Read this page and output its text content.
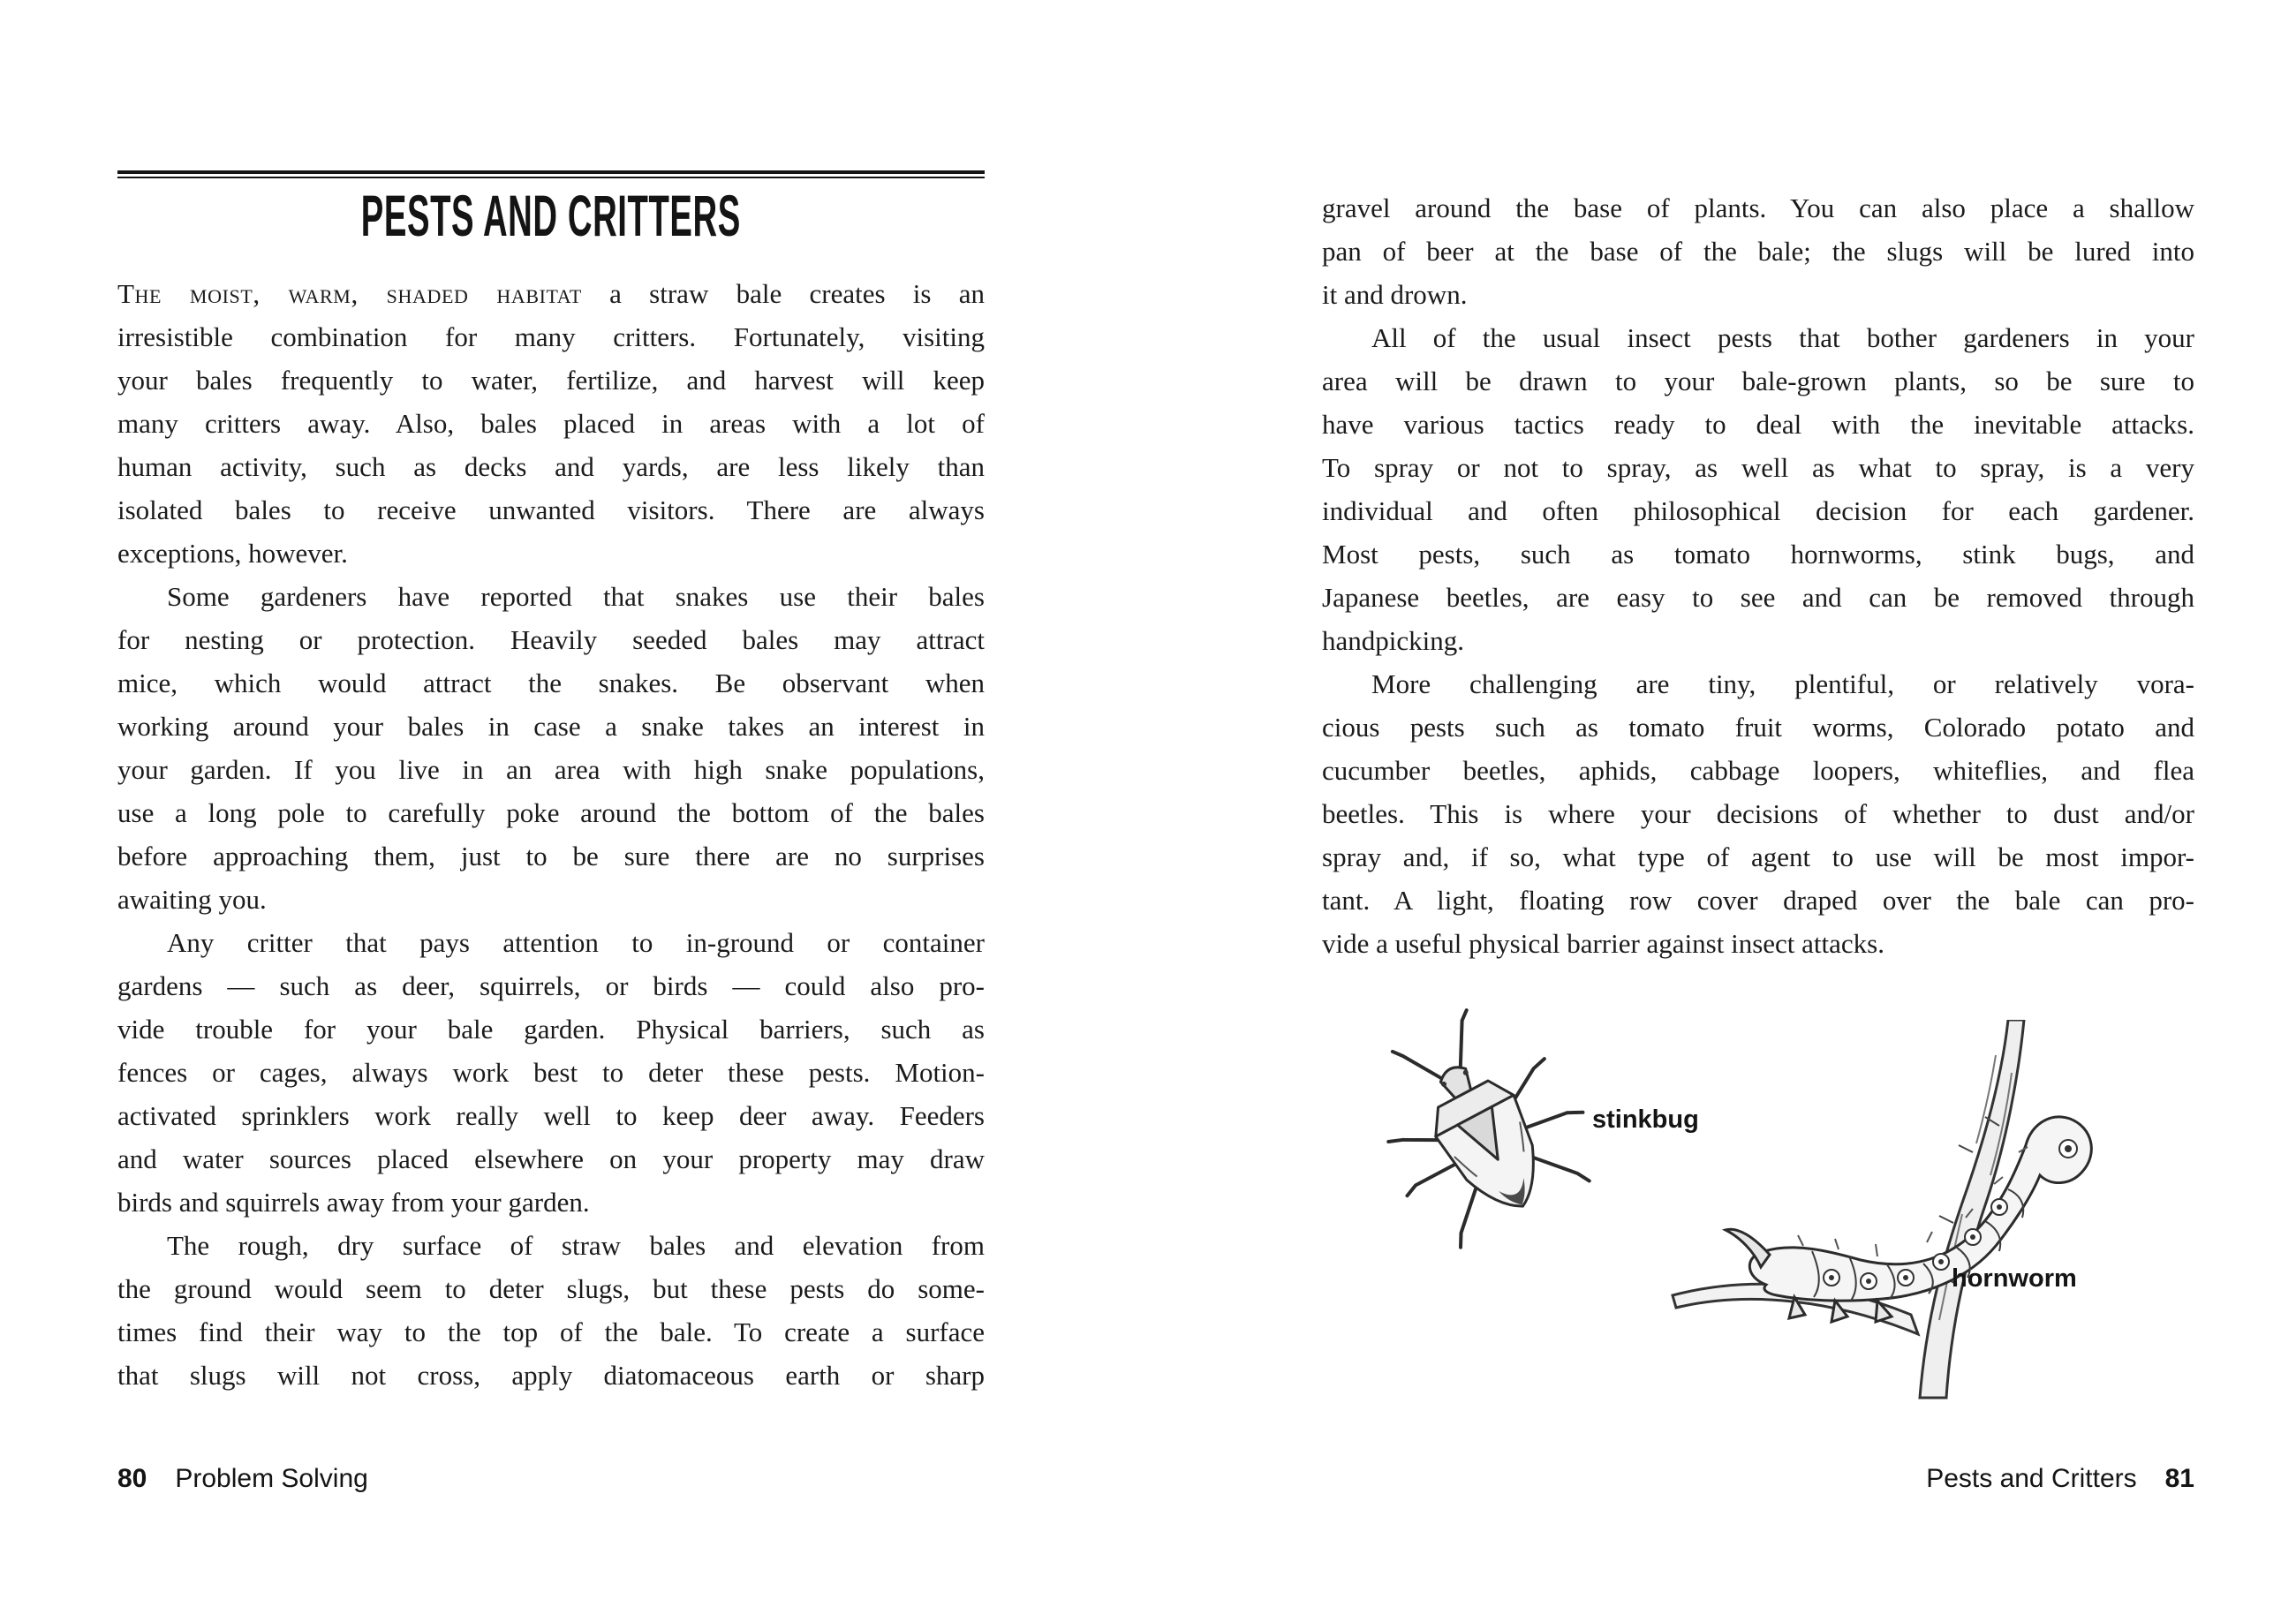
PESTS AND CRITTERS
The moist, warm, shaded habitat a straw bale creates is an
irresistible combination for many critters. Fortunately, visiting
your bales frequently to water, fertilize, and harvest will keep
many critters away. Also, bales placed in areas with a lot of
human activity, such as decks and yards, are less likely than
isolated bales to receive unwanted visitors. There are always
exceptions, however.
Some gardeners have reported that snakes use their bales
for nesting or protection. Heavily seeded bales may attract
mice, which would attract the snakes. Be observant when
working around your bales in case a snake takes an interest in
your garden. If you live in an area with high snake populations,
use a long pole to carefully poke around the bottom of the bales
before approaching them, just to be sure there are no surprises
awaiting you.
Any critter that pays attention to in-ground or container
gardens — such as deer, squirrels, or birds — could also pro-
vide trouble for your bale garden. Physical barriers, such as
fences or cages, always work best to deter these pests. Motion-
activated sprinklers work really well to keep deer away. Feeders
and water sources placed elsewhere on your property may draw
birds and squirrels away from your garden.
The rough, dry surface of straw bales and elevation from
the ground would seem to deter slugs, but these pests do some-
times find their way to the top of the bale. To create a surface
that slugs will not cross, apply diatomaceous earth or sharp
80 Problem Solving
gravel around the base of plants. You can also place a shallow
pan of beer at the base of the bale; the slugs will be lured into
it and drown.
All of the usual insect pests that bother gardeners in your
area will be drawn to your bale-grown plants, so be sure to
have various tactics ready to deal with the inevitable attacks.
To spray or not to spray, as well as what to spray, is a very
individual and often philosophical decision for each gardener.
Most pests, such as tomato hornworms, stink bugs, and
Japanese beetles, are easy to see and can be removed through
handpicking.
More challenging are tiny, plentiful, or relatively vora-
cious pests such as tomato fruit worms, Colorado potato and
cucumber beetles, aphids, cabbage loopers, whiteflies, and flea
beetles. This is where your decisions of whether to dust and/or
spray and, if so, what type of agent to use will be most impor-
tant. A light, floating row cover draped over the bale can pro-
vide a useful physical barrier against insect attacks.
stinkbug
hornworm
Pests and Critters 81
